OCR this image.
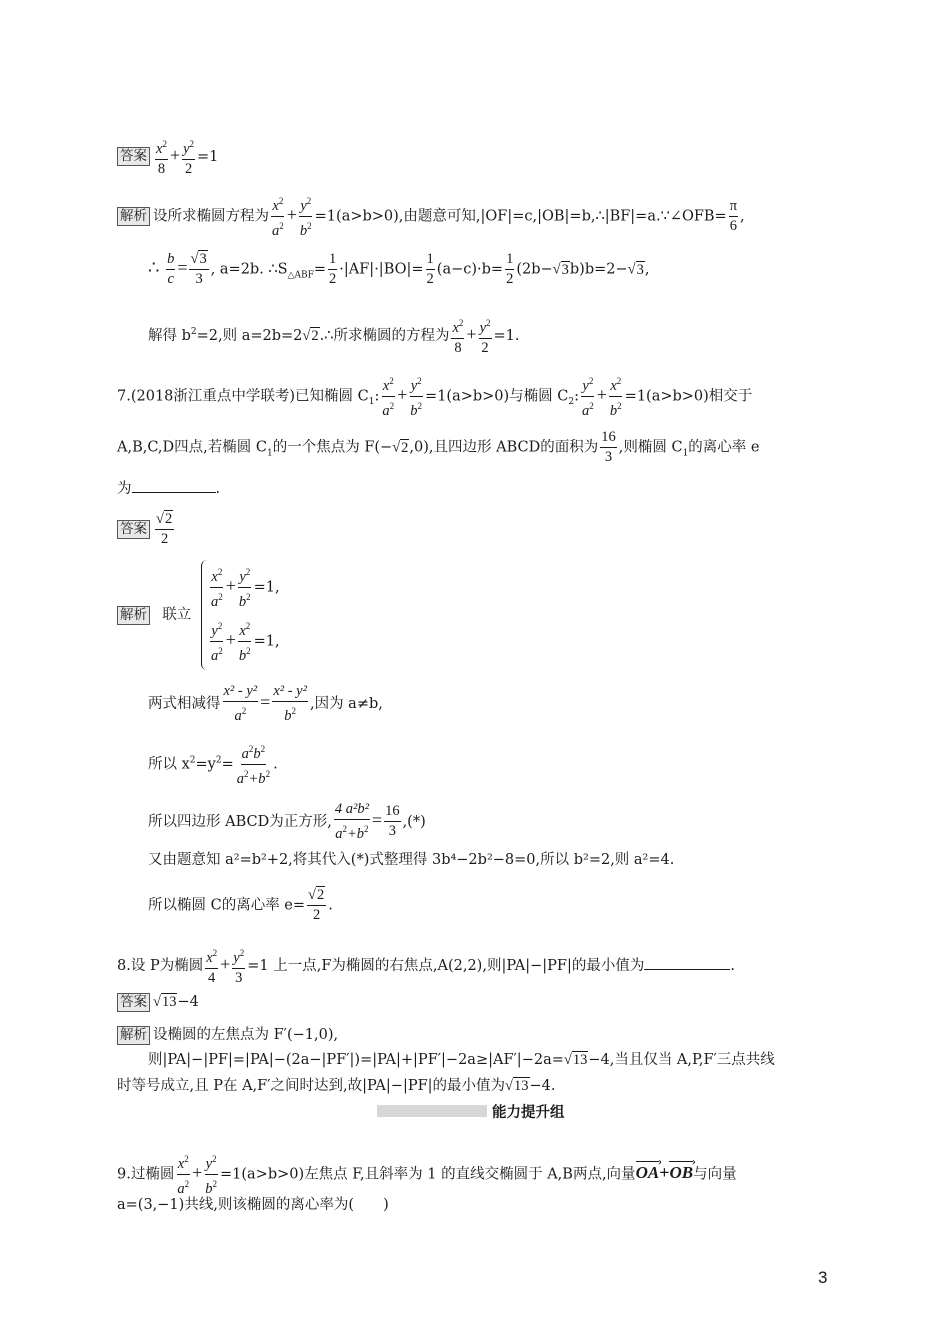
答案 $\frac{x^2}{8} + \frac{y^2}{2} =1$
解析 设所求椭圆方程为 $\frac{x^2}{a^2} + \frac{y^2}{b^2} =1(a>b>0)$,由题意可知,|OF|=c,|OB|=b,∴|BF|=a.∵∠OFB= $\frac{\pi}{6}$ ,
∴ $\frac{b}{c} = \frac{√3}{3}$ , a=2b. $\therefore S_{\triangle ABF}= \frac{1}{2} \cdot|AF|\cdot|BO|= \frac{1}{2} (a-c)\cdot b= \frac{1}{2} (2b-√3b)b=2-√3$,
解得 $b^2=2$,则 a=2b=2√2.∴所求椭圆的方程为 $\frac{x^2}{8} + \frac{y^2}{2} =1$.
7.(2018浙江重点中学联考)已知椭圆 $C_1$: $\frac{x^2}{a^2} + \frac{y^2}{b^2} =1(a>b>0)$与椭圆 $C_2$: $\frac{y^2}{a^2} + \frac{x^2}{b^2} =1(a>b>0)$相交于
A,B,C,D四点,若椭圆 $C_1$的一个焦点为 F(−√2,0),且四边形 ABCD的面积为 $\frac{16}{3}$ ,则椭圆 $C_1$的离心率 e
为	.
答案 $\frac{√2}{2}$
解析 联立
$\frac{x^2}{a^2} + \frac{y^2}{b^2} =1$,
$\frac{y^2}{a^2} + \frac{x^2}{b^2} =1$,
两式相减得 $\frac{\text{x² - y²}}{a^2} = \frac{\text{x² - y²}}{b^2}$ ,因为 a≠b,
所以 $x^2=y^2= \frac{a^2b^2}{a^2+b^2}$ .
所以四边形 ABCD为正方形, $\frac{\text{4 a²b²}}{a^2+b^2} = \frac{16}{3}$ ,(*)
又由题意知 a²=b²+2,将其代入(*)式整理得 3b⁴−2b²−8=0,所以 b²=2,则 a²=4.
所以椭圆 C的离心率 $e= \frac{√2}{2}$ .
8.设 P为椭圆 $\frac{x^2}{4} + \frac{y^2}{3} =1$ 上一点,F为椭圆的右焦点,A(2,2),则|PA|−|PF|的最小值为	.
答案 √13−4
解析 设椭圆的左焦点为 F′(−1,0),
则|PA|−|PF|=|PA|−(2a−|PF′|)=|PA|+|PF′|−2a≥|AF′|−2a=√13−4,当且仅当 A,P,F′三点共线
时等号成立,且 P在 A,F′之间时达到,故|PA|−|PF|的最小值为√13−4.
能力提升组
9.过椭圆 $\frac{x^2}{a^2} + \frac{y^2}{b^2} =1(a>b>0)$左焦点 F,且斜率为 1 的直线交椭圆于 A,B两点,向量OA ›+OB ›与向量
a=(3,−1)共线,则该椭圆的离心率为(　　)
3
